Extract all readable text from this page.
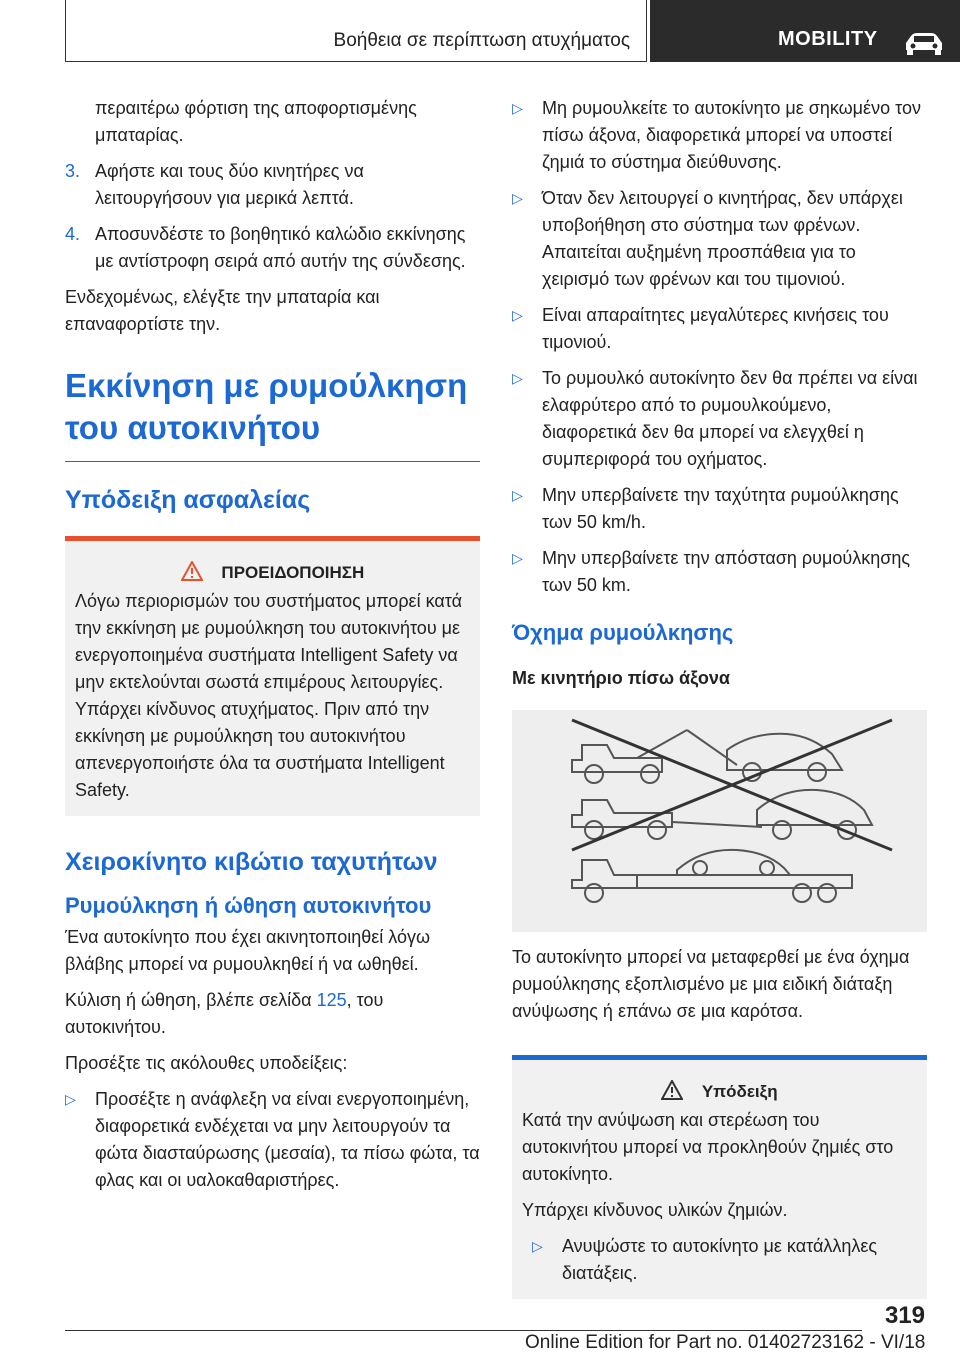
Βοήθεια σε περίπτωση ατυχήματος	MOBILITY

περαιτέρω φόρτιση της αποφορτισμένης μπαταρίας.

3. Αφήστε και τους δύο κινητήρες να λειτουργήσουν για μερικά λεπτά.
4. Αποσυνδέστε το βοηθητικό καλώδιο εκκίνησης με αντίστροφη σειρά από αυτήν της σύνδεσης.

Ενδεχομένως, ελέγξτε την μπαταρία και επαναφορτίστε την.

Εκκίνηση με ρυμούλκηση του αυτοκινήτου
Υπόδειξη ασφαλείας
ΠΡΟΕΙΔΟΠΟΙΗΣΗ

Λόγω περιορισμών του συστήματος μπορεί κατά την εκκίνηση με ρυμούλκηση του αυτοκινήτου με ενεργοποιημένα συστήματα Intelligent Safety να μην εκτελούνται σωστά επιμέρους λειτουργίες. Υπάρχει κίνδυνος ατυχήματος. Πριν από την εκκίνηση με ρυμούλκηση του αυτοκινήτου απενεργοποιήστε όλα τα συστήματα Intelligent Safety.

Χειροκίνητο κιβώτιο ταχυτήτων
Ρυμούλκηση ή ώθηση αυτοκινήτου

Ένα αυτοκίνητο που έχει ακινητοποιηθεί λόγω βλάβης μπορεί να ρυμουλκηθεί ή να ωθηθεί.

Κύλιση ή ώθηση, βλέπε σελίδα 125, του αυτοκινήτου.

Προσέξτε τις ακόλουθες υποδείξεις:

▷ Προσέξτε η ανάφλεξη να είναι ενεργοποιημένη, διαφορετικά ενδέχεται να μην λειτουργούν τα φώτα διασταύρωσης (μεσαία), τα πίσω φώτα, τα φλας και οι υαλοκαθαριστήρες.
▷ Μη ρυμουλκείτε το αυτοκίνητο με σηκωμένο τον πίσω άξονα, διαφορετικά μπορεί να υποστεί ζημιά το σύστημα διεύθυνσης.
▷ Όταν δεν λειτουργεί ο κινητήρας, δεν υπάρχει υποβοήθηση στο σύστημα των φρένων. Απαιτείται αυξημένη προσπάθεια για το χειρισμό των φρένων και του τιμονιού.
▷ Είναι απαραίτητες μεγαλύτερες κινήσεις του τιμονιού.
▷ Το ρυμουλκό αυτοκίνητο δεν θα πρέπει να είναι ελαφρύτερο από το ρυμουλκούμενο, διαφορετικά δεν θα μπορεί να ελεγχθεί η συμπεριφορά του οχήματος.
▷ Μην υπερβαίνετε την ταχύτητα ρυμούλκησης των 50 km/h.
▷ Μην υπερβαίνετε την απόσταση ρυμούλκησης των 50 km.
Όχημα ρυμούλκησης
Με κινητήριο πίσω άξονα

Το αυτοκίνητο μπορεί να μεταφερθεί με ένα όχημα ρυμούλκησης εξοπλισμένο με μια ειδική διάταξη ανύψωσης ή επάνω σε μια καρότσα.

Υπόδειξη

Κατά την ανύψωση και στερέωση του αυτοκινήτου μπορεί να προκληθούν ζημιές στο αυτοκίνητο.

Υπάρχει κίνδυνος υλικών ζημιών.

▷ Ανυψώστε το αυτοκίνητο με κατάλληλες διατάξεις.
319
Online Edition for Part no. 01402723162 - VI/18
